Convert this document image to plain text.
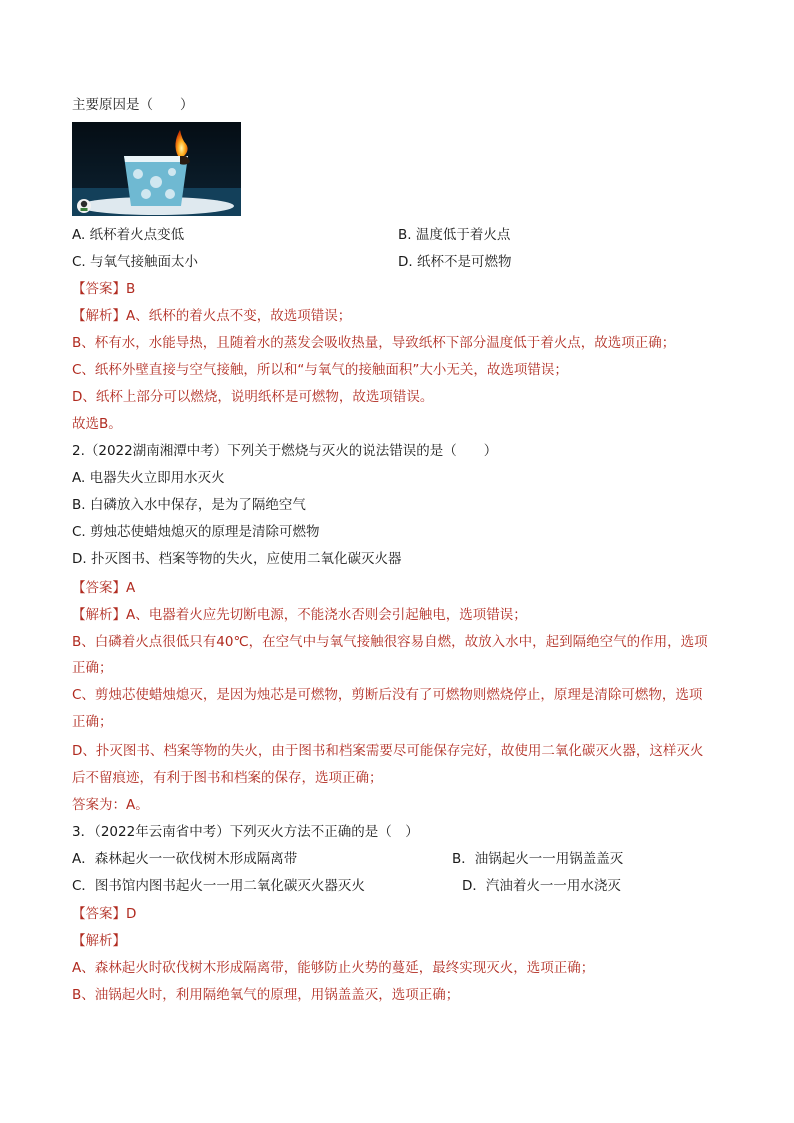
主要原因是（　　）
A. 纸杯着火点变低	B. 温度低于着火点
C. 与氧气接触面太小	D. 纸杯不是可燃物
【答案】B
【解析】A、纸杯的着火点不变，故选项错误；
B、杯有水，水能导热，且随着水的蒸发会吸收热量，导致纸杯下部分温度低于着火点，故选项正确；
C、纸杯外壁直接与空气接触，所以和“与氧气的接触面积”大小无关，故选项错误；
D、纸杯上部分可以燃烧，说明纸杯是可燃物，故选项错误。
故选B。
2.（2022湖南湘潭中考）下列关于燃烧与灭火的说法错误的是（　　）
A. 电器失火立即用水灭火
B. 白磷放入水中保存，是为了隔绝空气
C. 剪烛芯使蜡烛熄灭的原理是清除可燃物
D. 扑灭图书、档案等物的失火，应使用二氧化碳灭火器
【答案】A
【解析】A、电器着火应先切断电源，不能浇水否则会引起触电，选项错误；
B、白磷着火点很低只有40℃，在空气中与氧气接触很容易自燃，故放入水中，起到隔绝空气的作用，选项
正确；
C、剪烛芯使蜡烛熄灭，是因为烛芯是可燃物，剪断后没有了可燃物则燃烧停止，原理是清除可燃物，选项
正确；
D、扑灭图书、档案等物的失火，由于图书和档案需要尽可能保存完好，故使用二氧化碳灭火器，这样灭火
后不留痕迹，有利于图书和档案的保存，选项正确；
答案为：A。
3．（2022年云南省中考）下列灭火方法不正确的是（　）
A．森林起火一一砍伐树木形成隔离带	B．油锅起火一一用锅盖盖灭
C．图书馆内图书起火一一用二氧化碳灭火器灭火	D．汽油着火一一用水浇灭
【答案】D
【解析】
A、森林起火时砍伐树木形成隔离带，能够防止火势的蔓延，最终实现灭火，选项正确；
B、油锅起火时，利用隔绝氧气的原理，用锅盖盖灭，选项正确；
